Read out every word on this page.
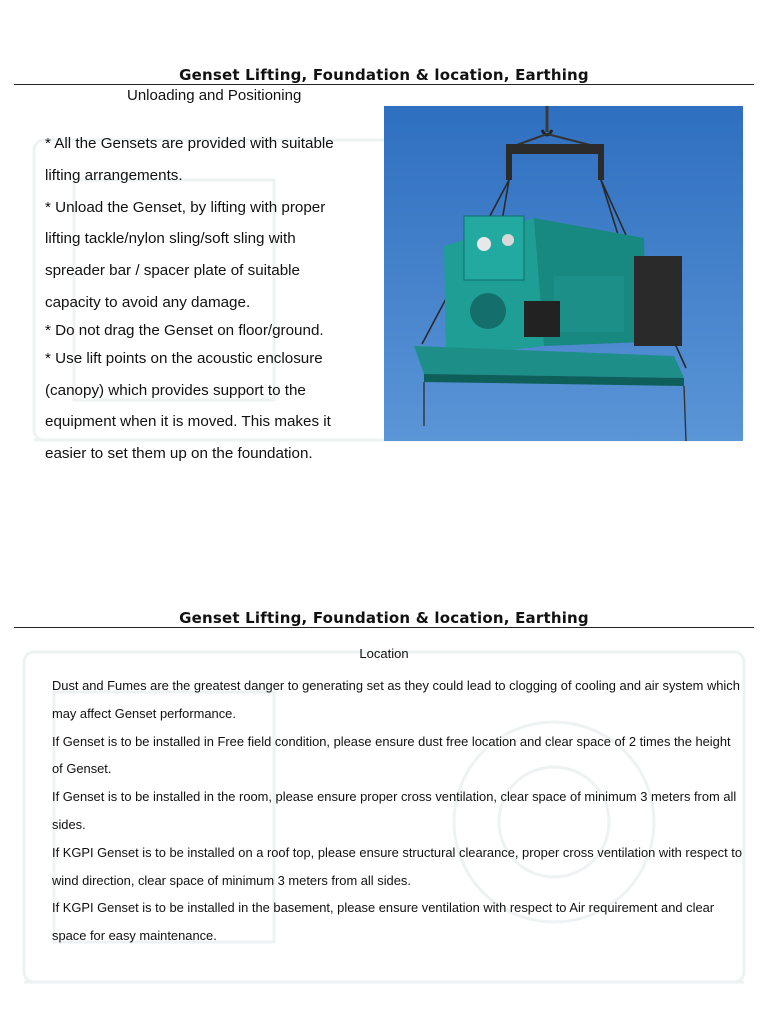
Genset Lifting, Foundation & location, Earthing
Unloading and Positioning
* All the Gensets are provided with suitable
lifting arrangements.
* Unload the Genset, by lifting with proper
lifting tackle/nylon sling/soft sling with
spreader bar / spacer plate of suitable
capacity to avoid any damage.
* Do not drag the Genset on floor/ground.
* Use lift points on the acoustic enclosure
(canopy) which provides support to the
equipment when it is moved. This makes it
easier to set them up on the foundation.
Genset Lifting, Foundation & location, Earthing
Location

Dust and Fumes are the greatest danger to generating set as they could lead to clogging of cooling and air system which may affect Genset performance.

If Genset is to be installed in Free field condition, please ensure dust free location and clear space of 2 times the height of Genset.

If Genset is to be installed in the room, please ensure proper cross ventilation, clear space of minimum 3 meters from all sides.

If KGPI Genset is to be installed on a roof top, please ensure structural clearance, proper cross ventilation with respect to wind direction, clear space of minimum 3 meters from all sides.

If KGPI Genset is to be installed in the basement, please ensure ventilation with respect to Air requirement and clear space for easy maintenance.
